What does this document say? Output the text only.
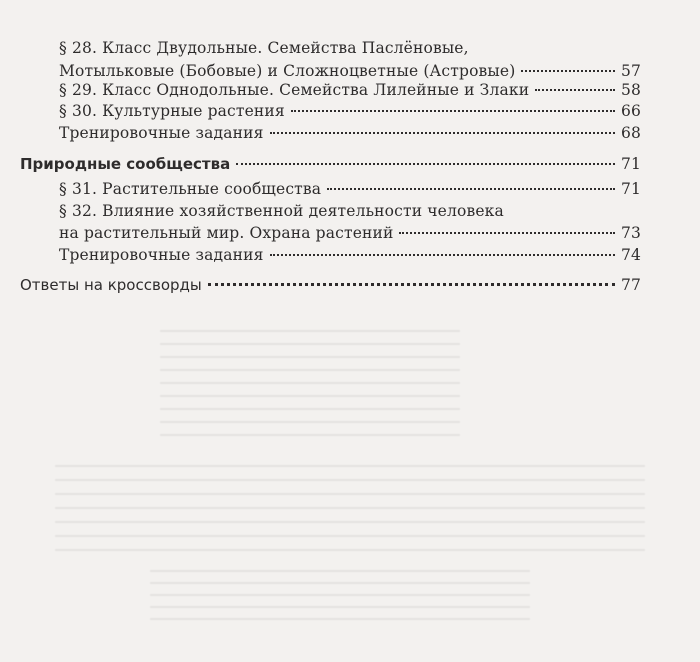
§ 28. Класс Двудольные. Семейства Паслёновые,
Мотыльковые (Бобовые) и Сложноцветные (Астровые)	57
§ 29. Класс Однодольные. Семейства Лилейные и Злаки	58
§ 30. Культурные растения	66
Тренировочные задания	68
Природные сообщества	71
§ 31. Растительные сообщества	71
§ 32. Влияние хозяйственной деятельности человека
на растительный мир. Охрана растений	73
Тренировочные задания	74
Ответы на кроссворды	77
